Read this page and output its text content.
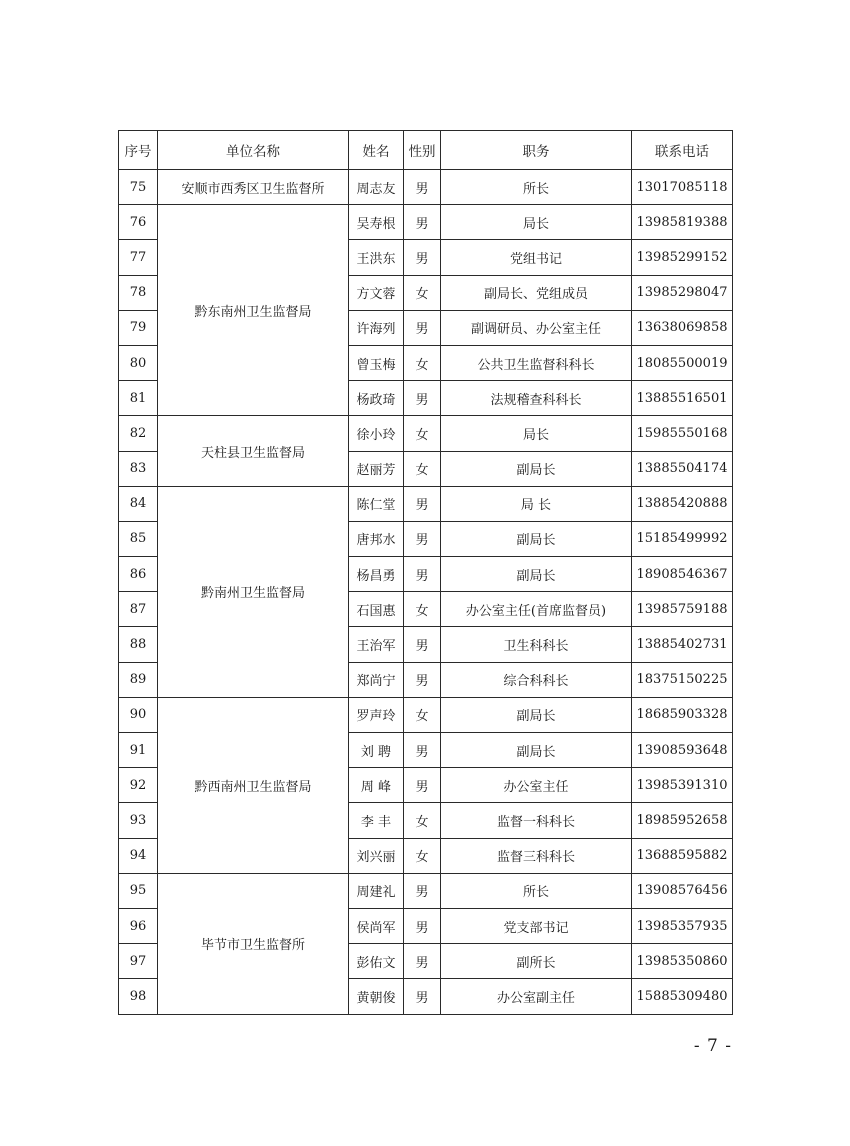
序号	单位名称	姓名	性别	职务	联系电话
75	安顺市西秀区卫生监督所	周志友	男	所长	13017085118
76	黔东南州卫生监督局	吴寿根	男	局长	13985819388
77		王洪东	男	党组书记	13985299152
78		方文蓉	女	副局长、党组成员	13985298047
79		许海列	男	副调研员、办公室主任	13638069858
80		曾玉梅	女	公共卫生监督科科长	18085500019
81		杨政琦	男	法规稽查科科长	13885516501
82	天柱县卫生监督局	徐小玲	女	局长	15985550168
83		赵丽芳	女	副局长	13885504174
84	黔南州卫生监督局	陈仁堂	男	局 长	13885420888
85		唐邦水	男	副局长	15185499992
86		杨昌勇	男	副局长	18908546367
87		石国惠	女	办公室主任(首席监督员)	13985759188
88		王治军	男	卫生科科长	13885402731
89		郑尚宁	男	综合科科长	18375150225
90	黔西南州卫生监督局	罗声玲	女	副局长	18685903328
91		刘 聘	男	副局长	13908593648
92		周 峰	男	办公室主任	13985391310
93		李 丰	女	监督一科科长	18985952658
94		刘兴丽	女	监督三科科长	13688595882
95	毕节市卫生监督所	周建礼	男	所长	13908576456
96		侯尚军	男	党支部书记	13985357935
97		彭佑文	男	副所长	13985350860
98		黄朝俊	男	办公室副主任	15885309480
- 7 -
